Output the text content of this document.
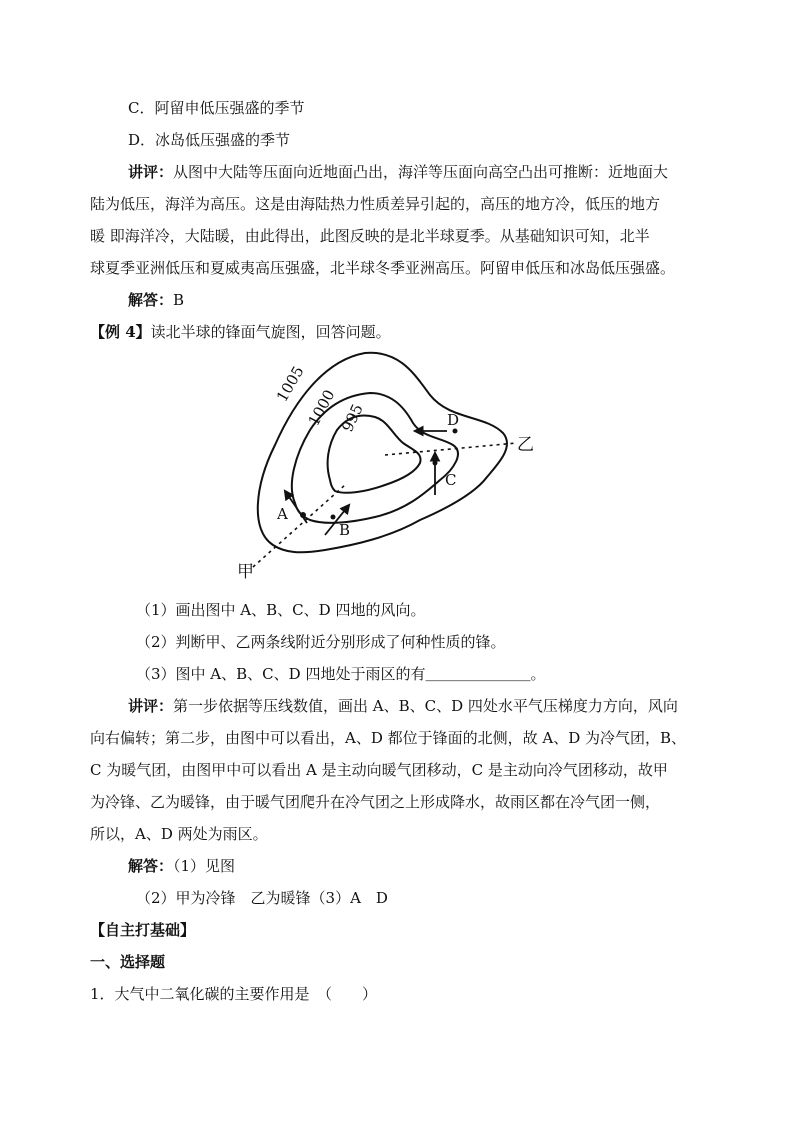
C．阿留申低压强盛的季节
D．冰岛低压强盛的季节
讲评：从图中大陆等压面向近地面凸出，海洋等压面向高空凸出可推断：近地面大
陆为低压，海洋为高压。这是由海陆热力性质差异引起的，高压的地方冷，低压的地方
暖 即海洋冷，大陆暖，由此得出，此图反映的是北半球夏季。从基础知识可知，北半
球夏季亚洲低压和夏威夷高压强盛，北半球冬季亚洲高压。阿留申低压和冰岛低压强盛。
解答：B
【例 4】读北半球的锋面气旋图，回答问题。
1005
1000 995
A
B
C
D
甲
乙
（1）画出图中 A、B、C、D 四地的风向。
（2）判断甲、乙两条线附近分别形成了何种性质的锋。
（3）图中 A、B、C、D 四地处于雨区的有＿＿＿＿＿＿＿。
讲评：第一步依据等压线数值，画出 A、B、C、D 四处水平气压梯度力方向，风向
向右偏转；第二步，由图中可以看出，A、D 都位于锋面的北侧，故 A、D 为冷气团，B、
C 为暖气团，由图甲中可以看出 A 是主动向暖气团移动，C 是主动向冷气团移动，故甲
为冷锋、乙为暖锋，由于暖气团爬升在冷气团之上形成降水，故雨区都在冷气团一侧，
所以，A、D 两处为雨区。
解答：（1）见图
（2）甲为冷锋　乙为暖锋（3）A　D
【自主打基础】
一、选择题
1．大气中二氧化碳的主要作用是　（　　）
